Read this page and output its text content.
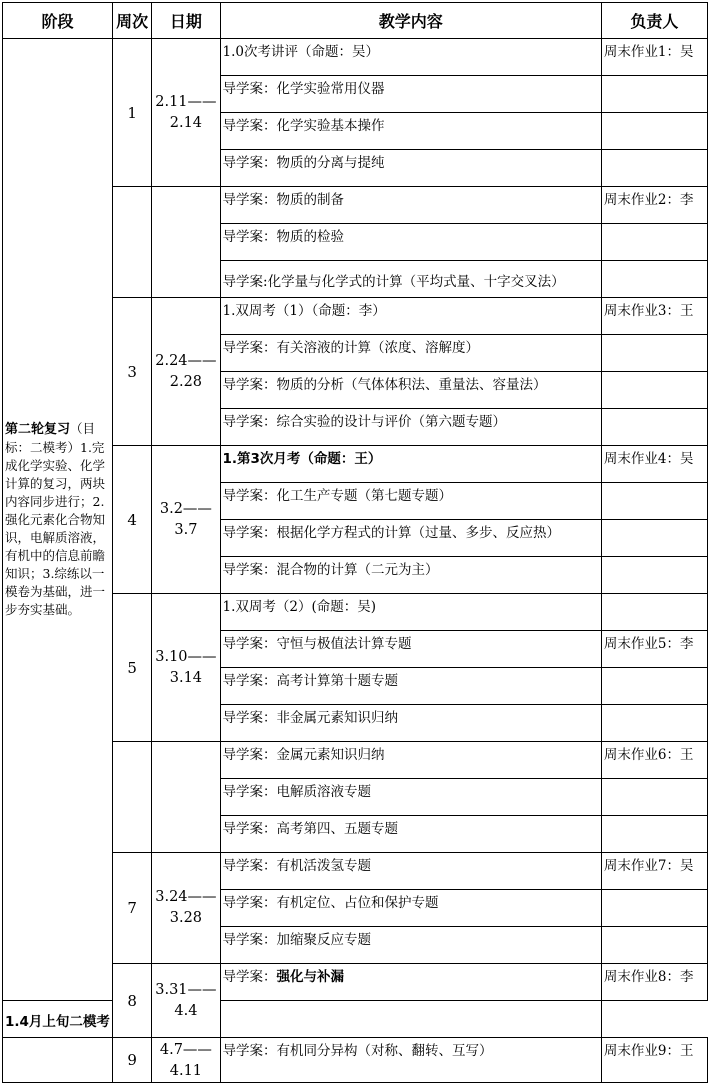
阶段	周次	日期	教学内容	负责人
第二轮复习（目标：二模考）1.完成化学实验、化学计算的复习，两块内容同步进行；2.强化元素化合物知识，电解质溶液，有机中的信息前瞻知识；3.综练以一模卷为基础，进一步夯实基础。	1	2.11——2.14	1.0次考讲评（命题：吴）	周末作业1：吴
			导学案：化学实验常用仪器	
			导学案：化学实验基本操作	
			导学案：物质的分离与提纯	
			导学案：物质的制备	周末作业2：李
			导学案：物质的检验	
			导学案:化学量与化学式的计算（平均式量、十字交叉法）	
	3	2.24——2.28	1.双周考（1）（命题：李）	周末作业3：王
			导学案：有关溶液的计算（浓度、溶解度）	
			导学案：物质的分析（气体体积法、重量法、容量法）	
			导学案：综合实验的设计与评价（第六题专题）	
	4	3.2——3.7	1.第3次月考（命题：王）	周末作业4：吴
			导学案：化工生产专题（第七题专题）	
			导学案：根据化学方程式的计算（过量、多步、反应热）	
			导学案：混合物的计算（二元为主）	
	5	3.10——3.14	1.双周考（2）(命题：吴)	
			导学案：守恒与极值法计算专题	周末作业5：李
			导学案：高考计算第十题专题	
			导学案：非金属元素知识归纳	
			导学案：金属元素知识归纳	周末作业6：王
			导学案：电解质溶液专题	
			导学案：高考第四、五题专题	
	7	3.24——3.28	导学案：有机活泼氢专题	周末作业7：吴
			导学案：有机定位、占位和保护专题	
			导学案：加缩聚反应专题	
	8	3.31——4.4	导学案：强化与补漏	周末作业8：李
1.4月上旬二模考				
	9	4.7——4.11	导学案：有机同分异构（对称、翻转、互写）	周末作业9：王
